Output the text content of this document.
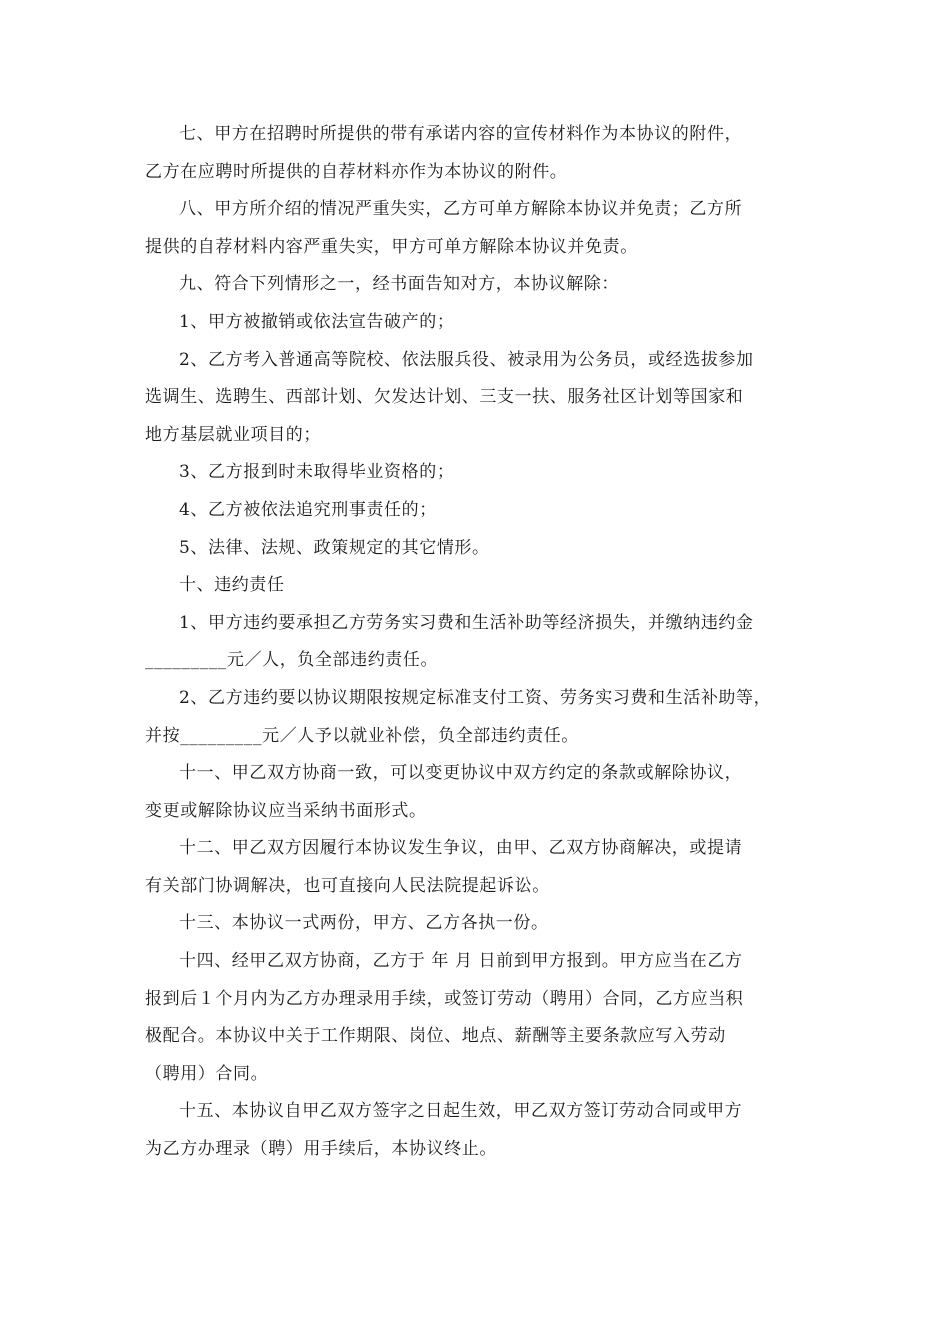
七、甲方在招聘时所提供的带有承诺内容的宣传材料作为本协议的附件，
乙方在应聘时所提供的自荐材料亦作为本协议的附件。

八、甲方所介绍的情况严重失实，乙方可单方解除本协议并免责；乙方所
提供的自荐材料内容严重失实，甲方可单方解除本协议并免责。

九、符合下列情形之一，经书面告知对方，本协议解除：

1、甲方被撤销或依法宣告破产的；

2、乙方考入普通高等院校、依法服兵役、被录用为公务员，或经选拔参加
选调生、选聘生、西部计划、欠发达计划、三支一扶、服务社区计划等国家和
地方基层就业项目的；

3、乙方报到时未取得毕业资格的；

4、乙方被依法追究刑事责任的；

5、法律、法规、政策规定的其它情形。

十、违约责任

1、甲方违约要承担乙方劳务实习费和生活补助等经济损失，并缴纳违约金
_________元／人，负全部违约责任。

2、乙方违约要以协议期限按规定标准支付工资、劳务实习费和生活补助等，
并按_________元／人予以就业补偿，负全部违约责任。

十一、甲乙双方协商一致，可以变更协议中双方约定的条款或解除协议，
变更或解除协议应当采纳书面形式。

十二、甲乙双方因履行本协议发生争议，由甲、乙双方协商解决，或提请
有关部门协调解决，也可直接向人民法院提起诉讼。

十三、本协议一式两份，甲方、乙方各执一份。

十四、经甲乙双方协商，乙方于 年 月 日前到甲方报到。甲方应当在乙方
报到后１个月内为乙方办理录用手续，或签订劳动（聘用）合同，乙方应当积
极配合。本协议中关于工作期限、岗位、地点、薪酬等主要条款应写入劳动
（聘用）合同。

十五、本协议自甲乙双方签字之日起生效，甲乙双方签订劳动合同或甲方
为乙方办理录（聘）用手续后，本协议终止。
